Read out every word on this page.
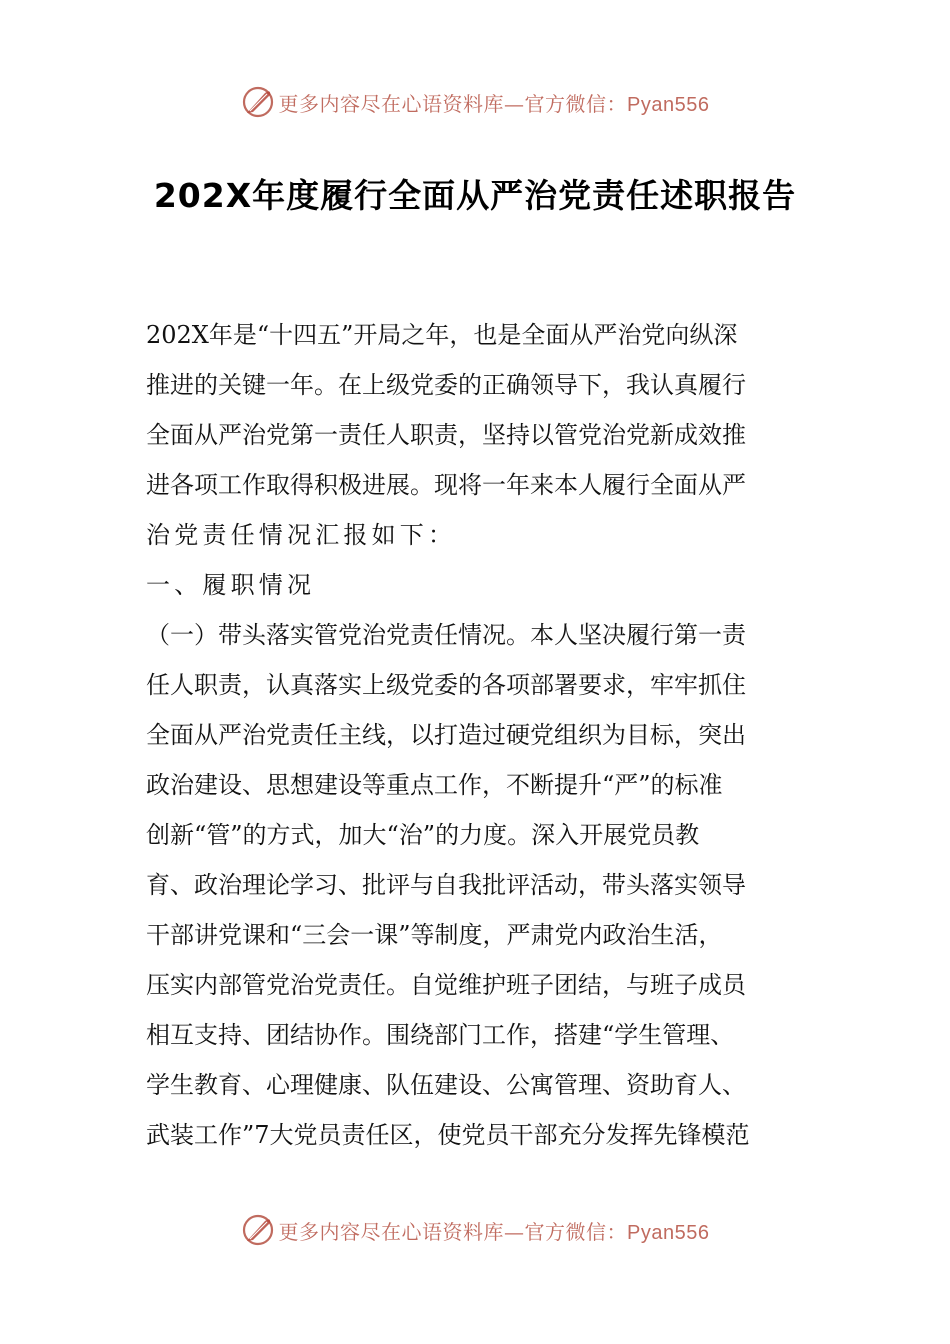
更多内容尽在心语资料库—官方微信：Pyan556
202X年度履行全面从严治党责任述职报告
202X年是“十四五”开局之年，也是全面从严治党向纵深
推进的关键一年。在上级党委的正确领导下，我认真履行
全面从严治党第一责任人职责，坚持以管党治党新成效推
进各项工作取得积极进展。现将一年来本人履行全面从严
治党责任情况汇报如下：
一、履职情况
（一）带头落实管党治党责任情况。本人坚决履行第一责
任人职责，认真落实上级党委的各项部署要求，牢牢抓住
全面从严治党责任主线，以打造过硬党组织为目标，突出
政治建设、思想建设等重点工作，不断提升“严”的标准
创新“管”的方式，加大“治”的力度。深入开展党员教
育、政治理论学习、批评与自我批评活动，带头落实领导
干部讲党课和“三会一课”等制度，严肃党内政治生活，
压实内部管党治党责任。自觉维护班子团结，与班子成员
相互支持、团结协作。围绕部门工作，搭建“学生管理、
学生教育、心理健康、队伍建设、公寓管理、资助育人、
武装工作”7大党员责任区，使党员干部充分发挥先锋模范
更多内容尽在心语资料库—官方微信：Pyan556
